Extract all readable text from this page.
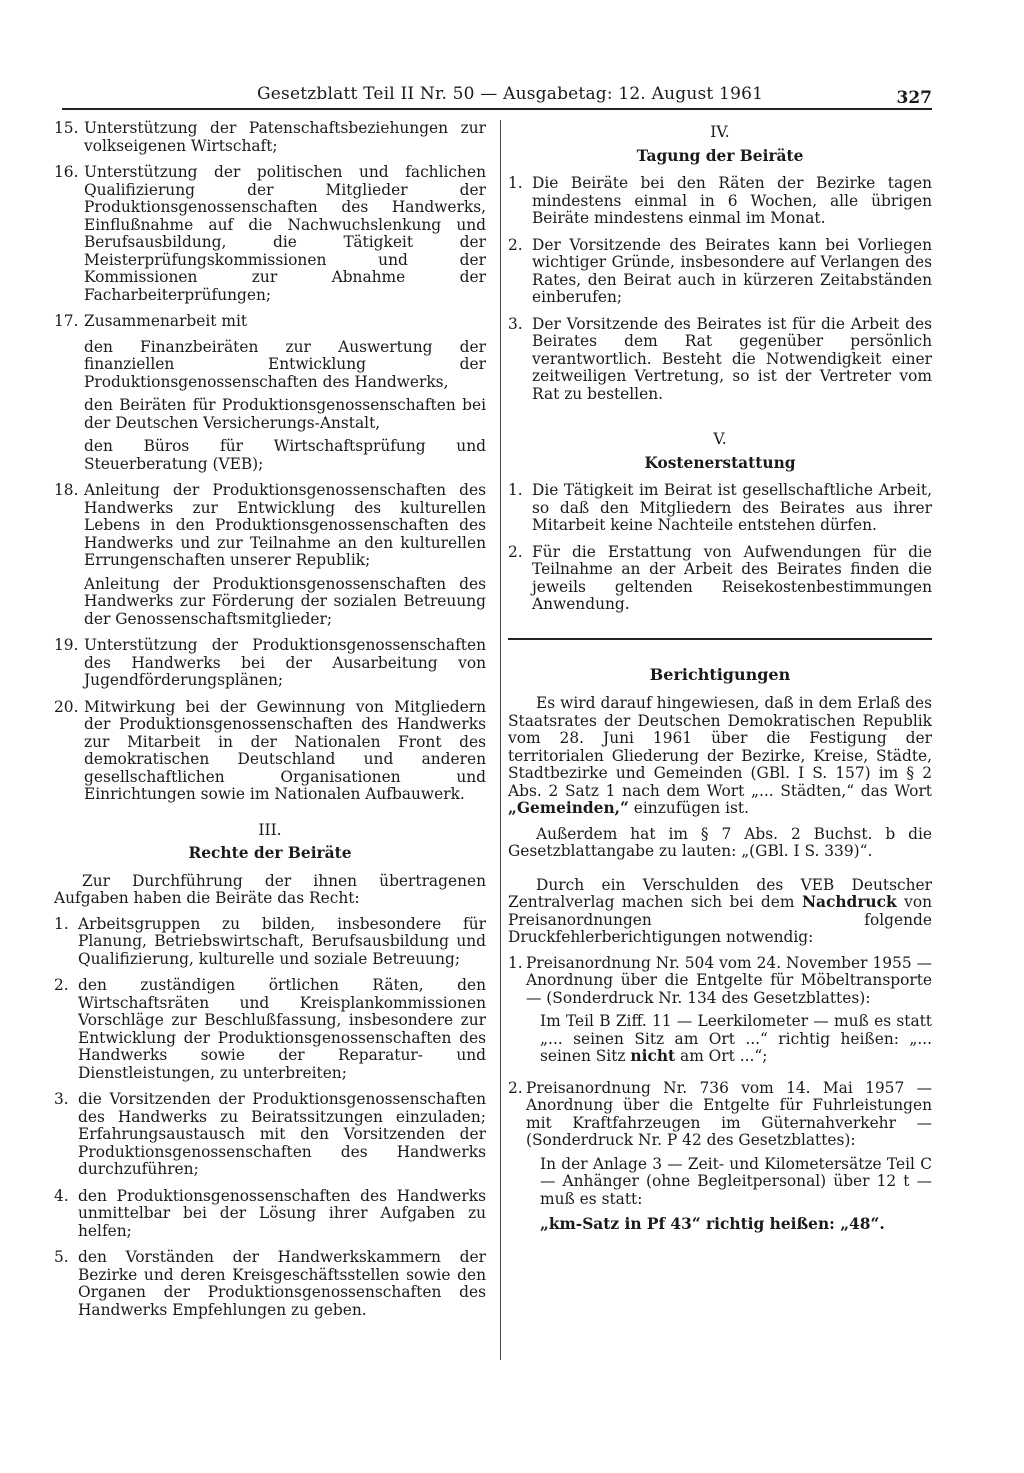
Gesetzblatt Teil II Nr. 50 — Ausgabetag: 12. August 1961	327
15. Unterstützung der Patenschaftsbeziehungen zur volkseigenen Wirtschaft;
16. Unterstützung der politischen und fachlichen Qualifizierung der Mitglieder der Produktionsgenossenschaften des Handwerks, Einflußnahme auf die Nachwuchslenkung und Berufsausbildung, die Tätigkeit der Meisterprüfungskommissionen und der Kommissionen zur Abnahme der Facharbeiterprüfungen;
17. Zusammenarbeit mit
den Finanzbeiräten zur Auswertung der finanziellen Entwicklung der Produktionsgenossenschaften des Handwerks,
den Beiräten für Produktionsgenossenschaften bei der Deutschen Versicherungs-Anstalt,
den Büros für Wirtschaftsprüfung und Steuerberatung (VEB);
18. Anleitung der Produktionsgenossenschaften des Handwerks zur Entwicklung des kulturellen Lebens in den Produktionsgenossenschaften des Handwerks und zur Teilnahme an den kulturellen Errungenschaften unserer Republik;
Anleitung der Produktionsgenossenschaften des Handwerks zur Förderung der sozialen Betreuung der Genossenschaftsmitglieder;
19. Unterstützung der Produktionsgenossenschaften des Handwerks bei der Ausarbeitung von Jugendförderungsplänen;
20. Mitwirkung bei der Gewinnung von Mitgliedern der Produktionsgenossenschaften des Handwerks zur Mitarbeit in der Nationalen Front des demokratischen Deutschland und anderen gesellschaftlichen Organisationen und Einrichtungen sowie im Nationalen Aufbauwerk.
III.
Rechte der Beiräte
Zur Durchführung der ihnen übertragenen Aufgaben haben die Beiräte das Recht:
1. Arbeitsgruppen zu bilden, insbesondere für Planung, Betriebswirtschaft, Berufsausbildung und Qualifizierung, kulturelle und soziale Betreuung;
2. den zuständigen örtlichen Räten, den Wirtschaftsräten und Kreisplankommissionen Vorschläge zur Beschlußfassung, insbesondere zur Entwicklung der Produktionsgenossenschaften des Handwerks sowie der Reparatur- und Dienstleistungen, zu unterbreiten;
3. die Vorsitzenden der Produktionsgenossenschaften des Handwerks zu Beiratssitzungen einzuladen; Erfahrungsaustausch mit den Vorsitzenden der Produktionsgenossenschaften des Handwerks durchzuführen;
4. den Produktionsgenossenschaften des Handwerks unmittelbar bei der Lösung ihrer Aufgaben zu helfen;
5. den Vorständen der Handwerkskammern der Bezirke und deren Kreisgeschäftsstellen sowie den Organen der Produktionsgenossenschaften des Handwerks Empfehlungen zu geben.
IV.
Tagung der Beiräte
1. Die Beiräte bei den Räten der Bezirke tagen mindestens einmal in 6 Wochen, alle übrigen Beiräte mindestens einmal im Monat.
2. Der Vorsitzende des Beirates kann bei Vorliegen wichtiger Gründe, insbesondere auf Verlangen des Rates, den Beirat auch in kürzeren Zeitabständen einberufen;
3. Der Vorsitzende des Beirates ist für die Arbeit des Beirates dem Rat gegenüber persönlich verantwortlich. Besteht die Notwendigkeit einer zeitweiligen Vertretung, so ist der Vertreter vom Rat zu bestellen.
V.
Kostenerstattung
1. Die Tätigkeit im Beirat ist gesellschaftliche Arbeit, so daß den Mitgliedern des Beirates aus ihrer Mitarbeit keine Nachteile entstehen dürfen.
2. Für die Erstattung von Aufwendungen für die Teilnahme an der Arbeit des Beirates finden die jeweils geltenden Reisekostenbestimmungen Anwendung.
Berichtigungen
Es wird darauf hingewiesen, daß in dem Erlaß des Staatsrates der Deutschen Demokratischen Republik vom 28. Juni 1961 über die Festigung der territorialen Gliederung der Bezirke, Kreise, Städte, Stadtbezirke und Gemeinden (GBl. I S. 157) im § 2 Abs. 2 Satz 1 nach dem Wort „... Städten,“ das Wort „Gemeinden,“ einzufügen ist.
Außerdem hat im § 7 Abs. 2 Buchst. b die Gesetzblattangabe zu lauten: „(GBl. I S. 339)“.
Durch ein Verschulden des VEB Deutscher Zentralverlag machen sich bei dem Nachdruck von Preisanordnungen folgende Druckfehlerberichtigungen notwendig:
1. Preisanordnung Nr. 504 vom 24. November 1955 — Anordnung über die Entgelte für Möbeltransporte — (Sonderdruck Nr. 134 des Gesetzblattes):
Im Teil B Ziff. 11 — Leerkilometer — muß es statt „... seinen Sitz am Ort ...“ richtig heißen: „... seinen Sitz nicht am Ort ...“;
2. Preisanordnung Nr. 736 vom 14. Mai 1957 — Anordnung über die Entgelte für Fuhrleistungen mit Kraftfahrzeugen im Güternahverkehr — (Sonderdruck Nr. P 42 des Gesetzblattes):
In der Anlage 3 — Zeit- und Kilometersätze Teil C — Anhänger (ohne Begleitpersonal) über 12 t — muß es statt:
„km-Satz in Pf 43“ richtig heißen: „48“.
